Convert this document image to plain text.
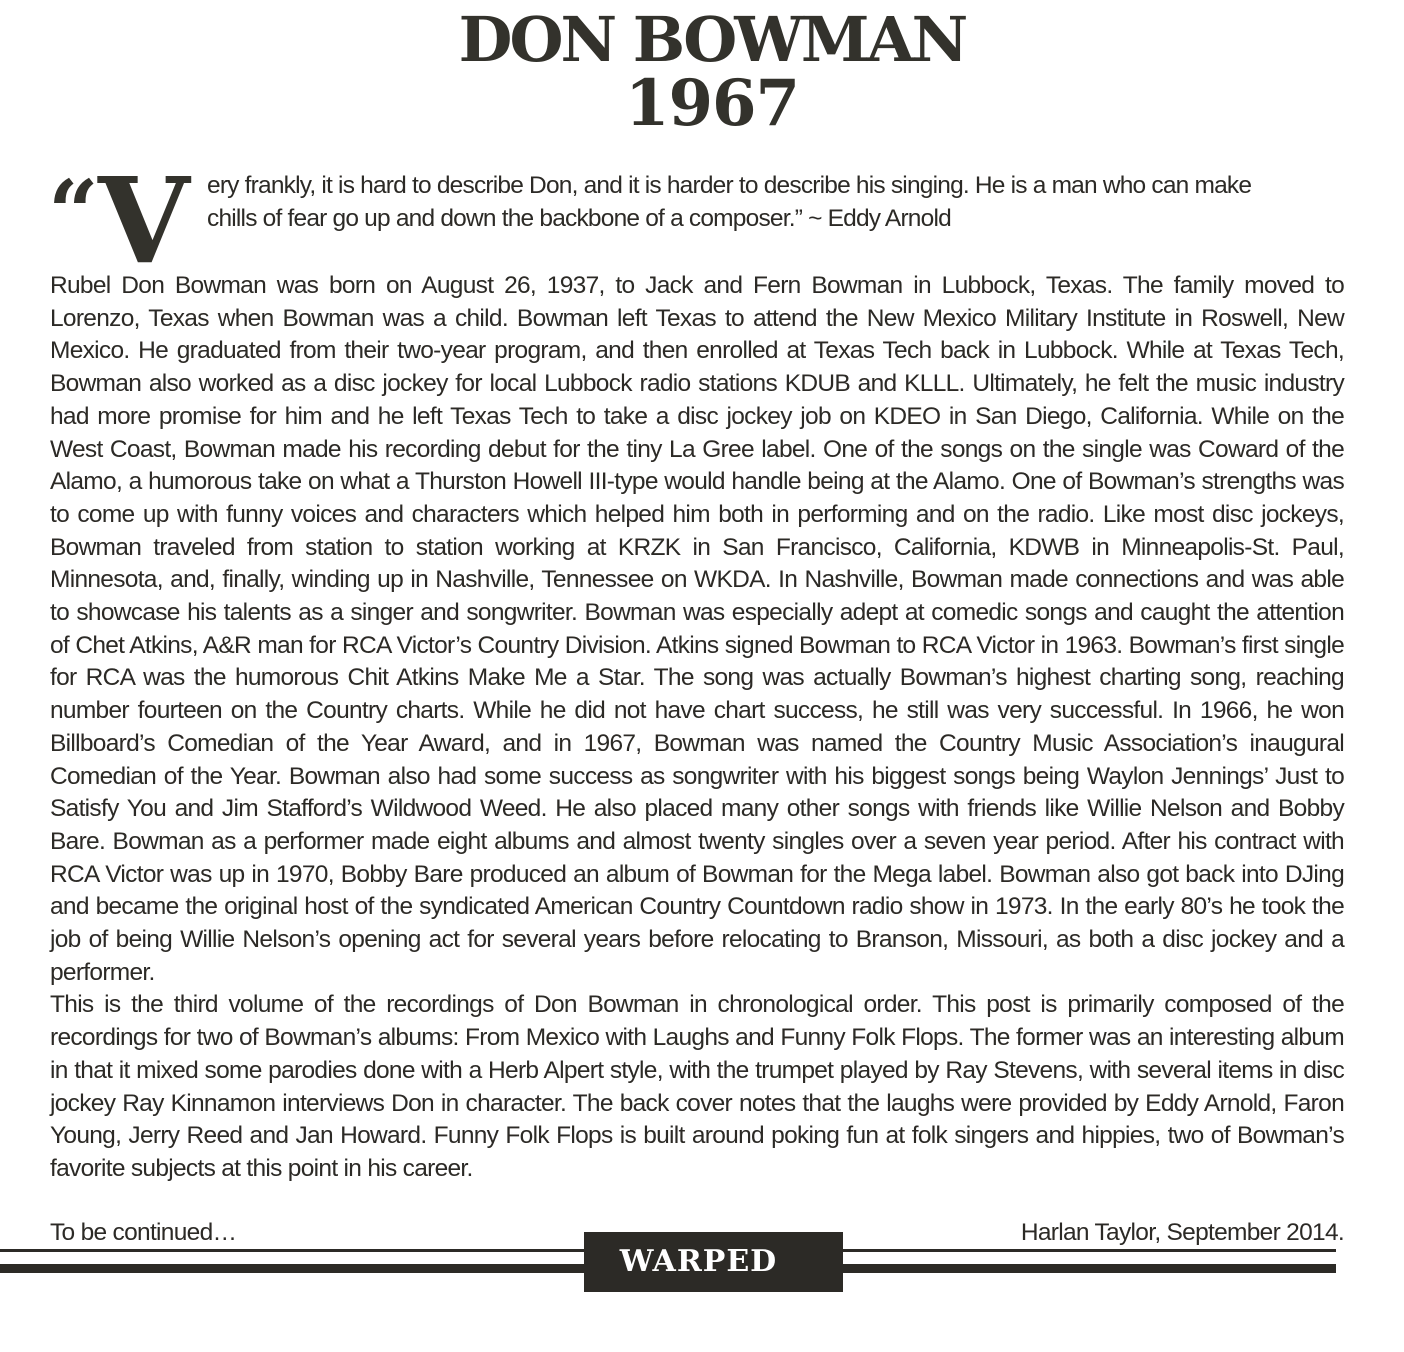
DON BOWMAN
1967
“ V ery frankly, it is hard to describe Don, and it is harder to describe his singing. He is a man who can make
chills of fear go up and down the backbone of a composer.” ~ Eddy Arnold

Rubel Don Bowman was born on August 26, 1937, to Jack and Fern Bowman in Lubbock, Texas. The family moved to Lorenzo, Texas when Bowman was a child. Bowman left Texas to attend the New Mexico Military Institute in Roswell, New Mexico. He graduated from their two-year program, and then enrolled at Texas Tech back in Lubbock. While at Texas Tech, Bowman also worked as a disc jockey for local Lubbock radio stations KDUB and KLLL. Ultimately, he felt the music industry had more promise for him and he left Texas Tech to take a disc jockey job on KDEO in San Diego, California. While on the West Coast, Bowman made his recording debut for the tiny La Gree label. One of the songs on the single was Coward of the Alamo, a humorous take on what a Thurston Howell III-type would handle being at the Alamo. One of Bowman’s strengths was to come up with funny voices and characters which helped him both in performing and on the radio. Like most disc jockeys, Bowman traveled from station to station working at KRZK in San Francisco, California, KDWB in Minneapolis-St. Paul, Minnesota, and, finally, winding up in Nashville, Tennessee on WKDA. In Nashville, Bowman made connections and was able to showcase his talents as a singer and songwriter. Bowman was especially adept at comedic songs and caught the attention of Chet Atkins, A&R man for RCA Victor’s Country Division. Atkins signed Bowman to RCA Victor in 1963. Bowman’s first single for RCA was the humorous Chit Atkins Make Me a Star. The song was actually Bowman’s highest charting song, reaching number fourteen on the Country charts. While he did not have chart success, he still was very successful. In 1966, he won Billboard’s Comedian of the Year Award, and in 1967, Bowman was named the Country Music Association’s inaugural Comedian of the Year. Bowman also had some success as songwriter with his biggest songs being Waylon Jennings’ Just to Satisfy You and Jim Stafford’s Wildwood Weed. He also placed many other songs with friends like Willie Nelson and Bobby Bare. Bowman as a performer made eight albums and almost twenty singles over a seven year period. After his contract with RCA Victor was up in 1970, Bobby Bare produced an album of Bowman for the Mega label. Bowman also got back into DJing and became the original host of the syndicated American Country Countdown radio show in 1973. In the early 80’s he took the job of being Willie Nelson’s opening act for several years before relocating to Branson, Missouri, as both a disc jockey and a performer.

This is the third volume of the recordings of Don Bowman in chronological order. This post is primarily composed of the recordings for two of Bowman’s albums: From Mexico with Laughs and Funny Folk Flops. The former was an interesting album in that it mixed some parodies done with a Herb Alpert style, with the trumpet played by Ray Stevens, with several items in disc jockey Ray Kinnamon interviews Don in character. The back cover notes that the laughs were provided by Eddy Arnold, Faron Young, Jerry Reed and Jan Howard. Funny Folk Flops is built around poking fun at folk singers and hippies, two of Bowman’s favorite subjects at this point in his career.

To be continued…	Harlan Taylor, September 2014.
WARPED6706
